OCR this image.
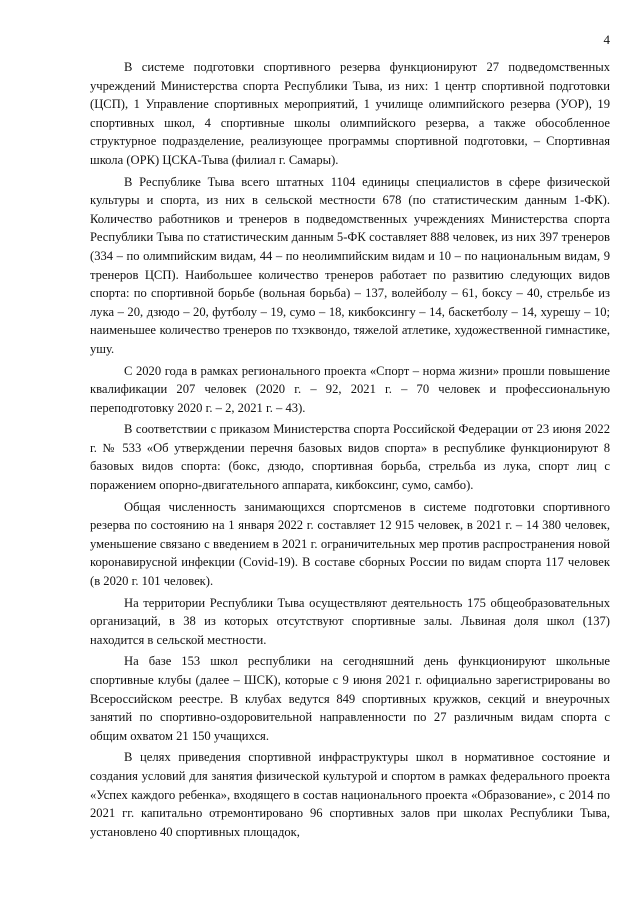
4

В системе подготовки спортивного резерва функционируют 27 подведомственных учреждений Министерства спорта Республики Тыва, из них: 1 центр спортивной подготовки (ЦСП), 1 Управление спортивных мероприятий, 1 училище олимпийского резерва (УОР), 19 спортивных школ, 4 спортивные школы олимпийского резерва, а также обособленное структурное подразделение, реализующее программы спортивной подготовки, – Спортивная школа (ОРК) ЦСКА-Тыва (филиал г. Самары).

В Республике Тыва всего штатных 1104 единицы специалистов в сфере физической культуры и спорта, из них в сельской местности 678 (по статистическим данным 1-ФК). Количество работников и тренеров в подведомственных учреждениях Министерства спорта Республики Тыва по статистическим данным 5-ФК составляет 888 человек, из них 397 тренеров (334 – по олимпийским видам, 44 – по неолимпийским видам и 10 – по национальным видам, 9 тренеров ЦСП). Наибольшее количество тренеров работает по развитию следующих видов спорта: по спортивной борьбе (вольная борьба) – 137, волейболу – 61, боксу – 40, стрельбе из лука – 20, дзюдо – 20, футболу – 19, сумо – 18, кикбоксингу – 14, баскетболу – 14, хурешу – 10; наименьшее количество тренеров по тхэквондо, тяжелой атлетике, художественной гимнастике, ушу.

С 2020 года в рамках регионального проекта «Спорт – норма жизни» прошли повышение квалификации 207 человек (2020 г. – 92, 2021 г. – 70 человек и профессиональную переподготовку 2020 г. – 2, 2021 г. – 43).

В соответствии с приказом Министерства спорта Российской Федерации от 23 июня 2022 г. № 533 «Об утверждении перечня базовых видов спорта» в республике функционируют 8 базовых видов спорта: (бокс, дзюдо, спортивная борьба, стрельба из лука, спорт лиц с поражением опорно-двигательного аппарата, кикбоксинг, сумо, самбо).

Общая численность занимающихся спортсменов в системе подготовки спортивного резерва по состоянию на 1 января 2022 г. составляет 12 915 человек, в 2021 г. – 14 380 человек, уменьшение связано с введением в 2021 г. ограничительных мер против распространения новой коронавирусной инфекции (Covid-19). В составе сборных России по видам спорта 117 человек (в 2020 г. 101 человек).

На территории Республики Тыва осуществляют деятельность 175 общеобразовательных организаций, в 38 из которых отсутствуют спортивные залы. Львиная доля школ (137) находится в сельской местности.

На базе 153 школ республики на сегодняшний день функционируют школьные спортивные клубы (далее – ШСК), которые с 9 июня 2021 г. официально зарегистрированы во Всероссийском реестре. В клубах ведутся 849 спортивных кружков, секций и внеурочных занятий по спортивно-оздоровительной направленности по 27 различным видам спорта с общим охватом 21 150 учащихся.

В целях приведения спортивной инфраструктуры школ в нормативное состояние и создания условий для занятия физической культурой и спортом в рамках федерального проекта «Успех каждого ребенка», входящего в состав национального проекта «Образование», с 2014 по 2021 гг. капитально отремонтировано 96 спортивных залов при школах Республики Тыва, установлено 40 спортивных площадок,
